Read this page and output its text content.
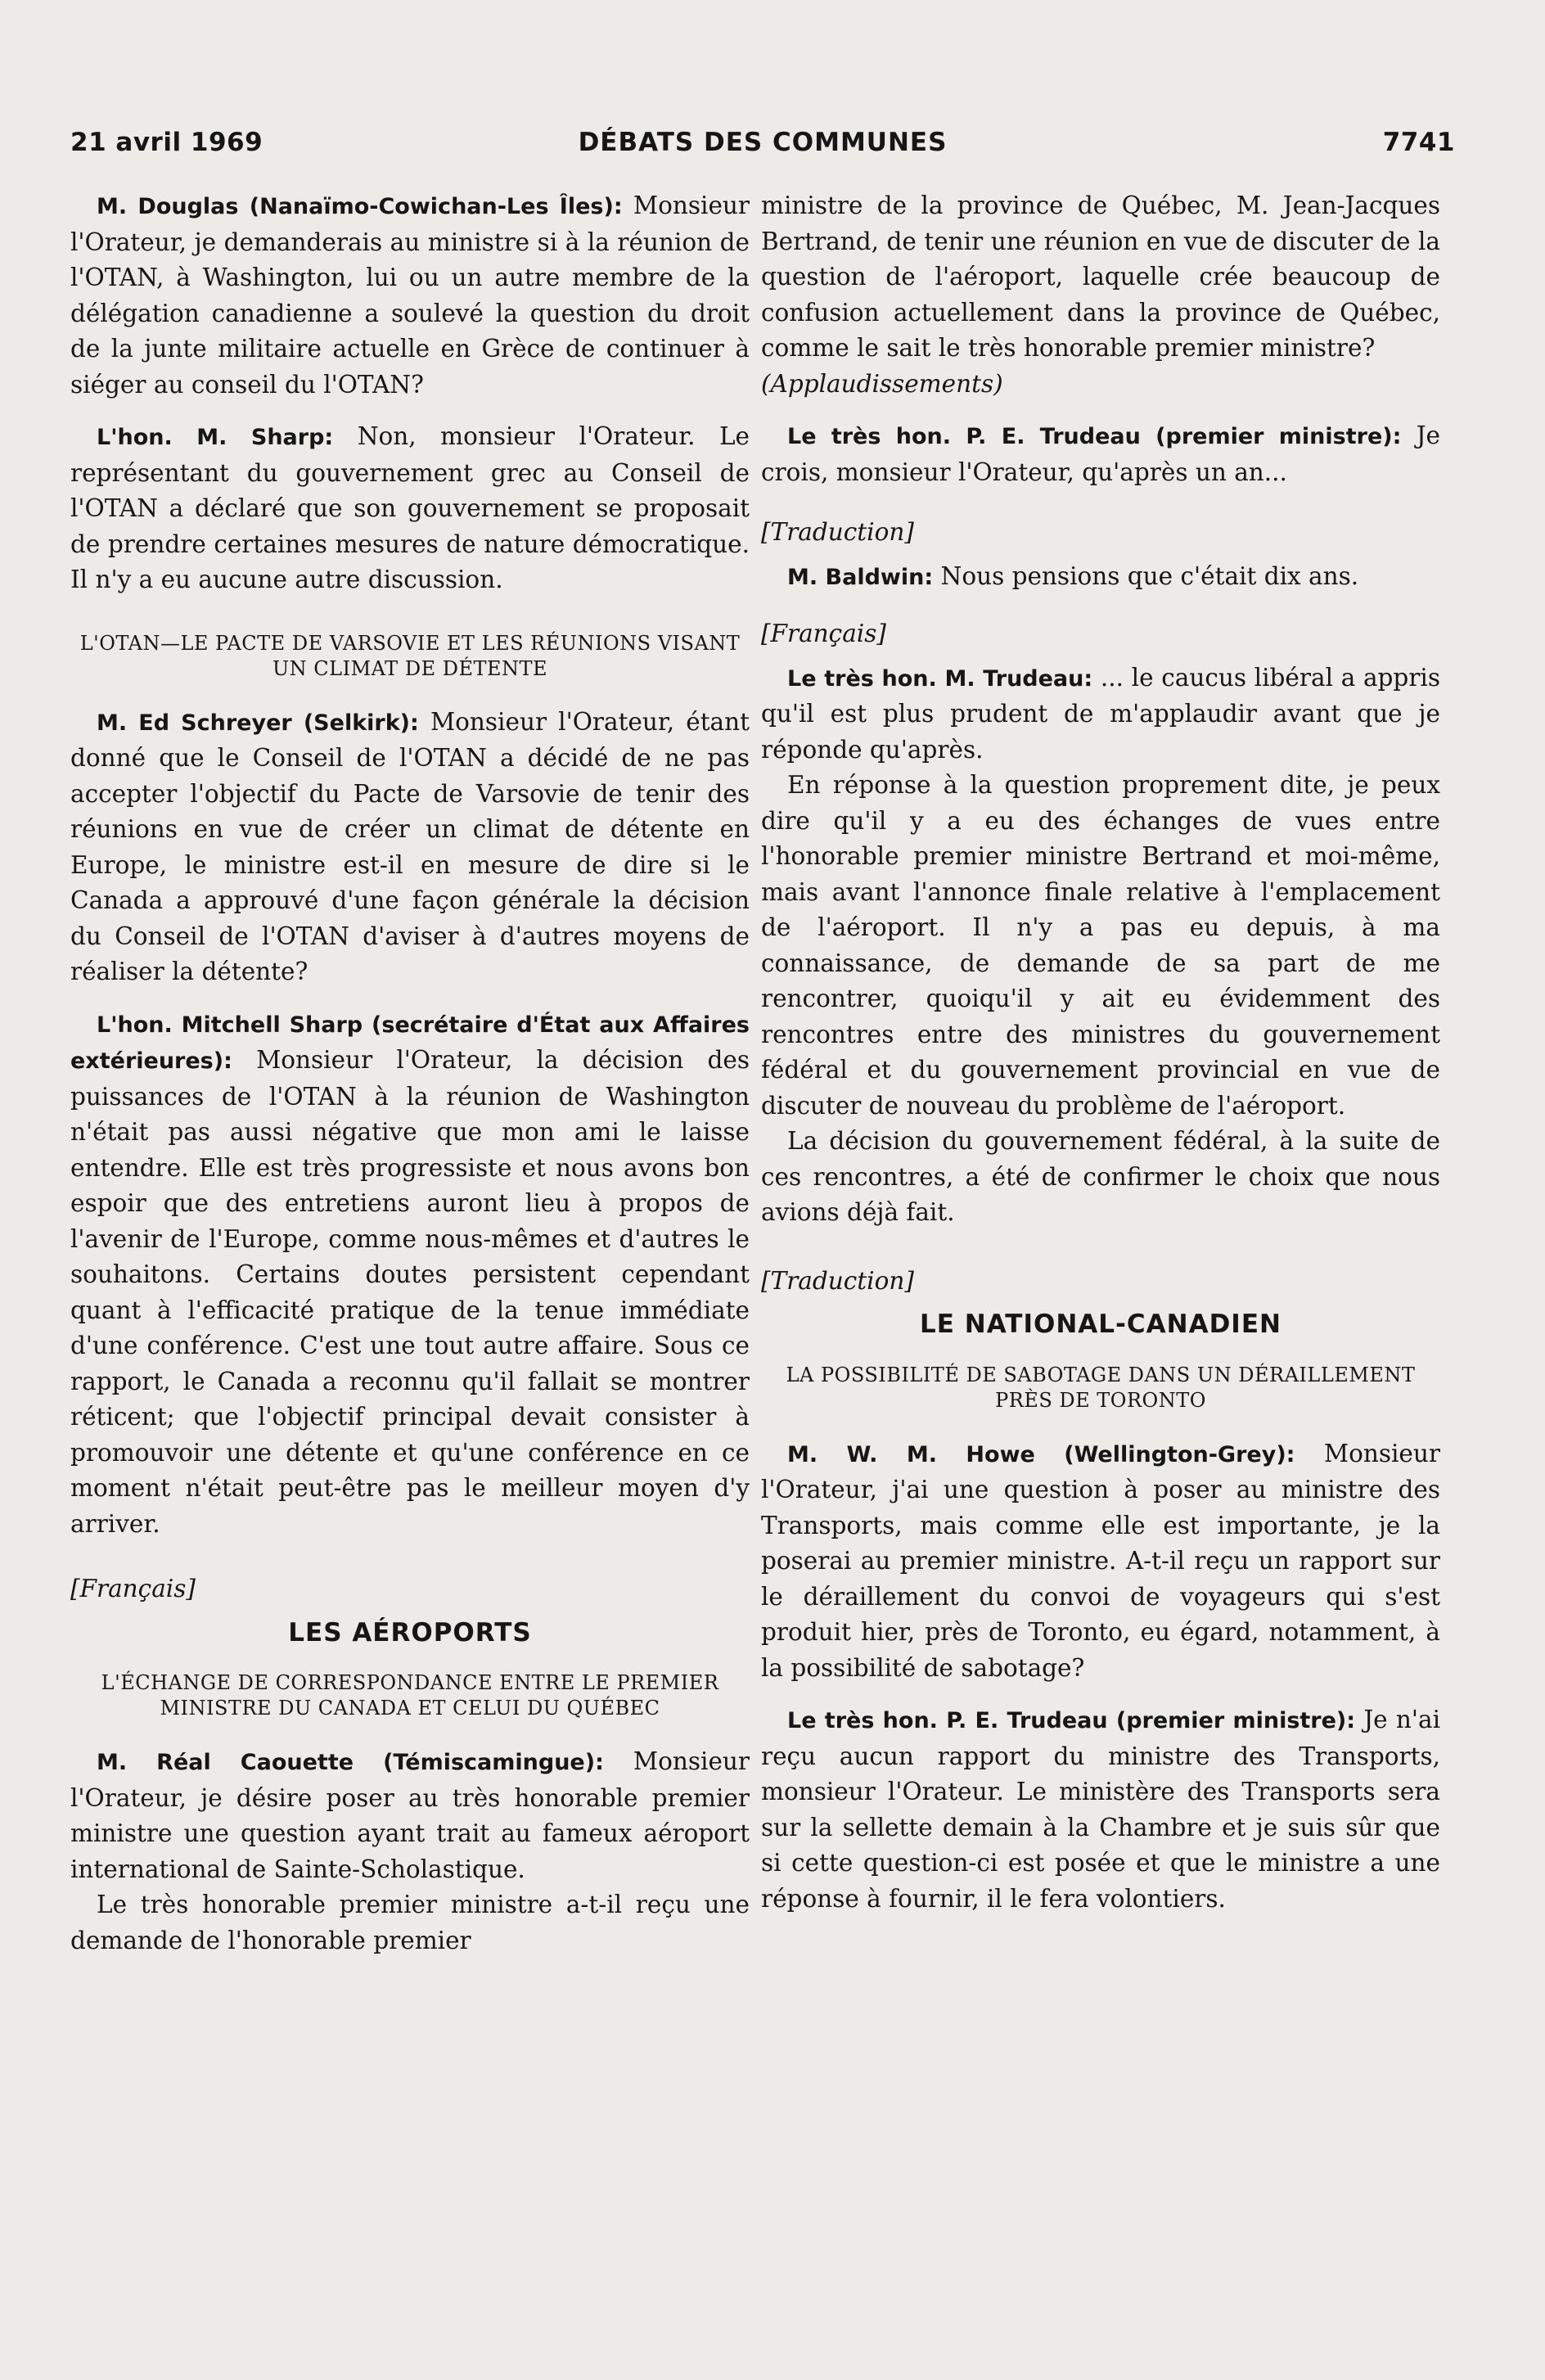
21 avril 1969	DÉBATS DES COMMUNES	7741

M. Douglas (Nanaïmo-Cowichan-Les Îles): Monsieur l'Orateur, je demanderais au ministre si à la réunion de l'OTAN, à Washington, lui ou un autre membre de la délégation canadienne a soulevé la question du droit de la junte militaire actuelle en Grèce de continuer à siéger au conseil du l'OTAN?

L'hon. M. Sharp: Non, monsieur l'Orateur. Le représentant du gouvernement grec au Conseil de l'OTAN a déclaré que son gouvernement se proposait de prendre certaines mesures de nature démocratique. Il n'y a eu aucune autre discussion.

L'OTAN—LE PACTE DE VARSOVIE ET LES RÉUNIONS VISANT UN CLIMAT DE DÉTENTE

M. Ed Schreyer (Selkirk): Monsieur l'Orateur, étant donné que le Conseil de l'OTAN a décidé de ne pas accepter l'objectif du Pacte de Varsovie de tenir des réunions en vue de créer un climat de détente en Europe, le ministre est-il en mesure de dire si le Canada a approuvé d'une façon générale la décision du Conseil de l'OTAN d'aviser à d'autres moyens de réaliser la détente?

L'hon. Mitchell Sharp (secrétaire d'État aux Affaires extérieures): Monsieur l'Orateur, la décision des puissances de l'OTAN à la réunion de Washington n'était pas aussi négative que mon ami le laisse entendre. Elle est très progressiste et nous avons bon espoir que des entretiens auront lieu à propos de l'avenir de l'Europe, comme nous-mêmes et d'autres le souhaitons. Certains doutes persistent cependant quant à l'efficacité pratique de la tenue immédiate d'une conférence. C'est une tout autre affaire. Sous ce rapport, le Canada a reconnu qu'il fallait se montrer réticent; que l'objectif principal devait consister à promouvoir une détente et qu'une conférence en ce moment n'était peut-être pas le meilleur moyen d'y arriver.

[Français]
LES AÉROPORTS
L'ÉCHANGE DE CORRESPONDANCE ENTRE LE PREMIER MINISTRE DU CANADA ET CELUI DU QUÉBEC

M. Réal Caouette (Témiscamingue): Monsieur l'Orateur, je désire poser au très honorable premier ministre une question ayant trait au fameux aéroport international de Sainte-Scholastique.

Le très honorable premier ministre a-t-il reçu une demande de l'honorable premier

ministre de la province de Québec, M. Jean-Jacques Bertrand, de tenir une réunion en vue de discuter de la question de l'aéroport, laquelle crée beaucoup de confusion actuellement dans la province de Québec, comme le sait le très honorable premier ministre?
(Applaudissements)

Le très hon. P. E. Trudeau (premier ministre): Je crois, monsieur l'Orateur, qu'après un an...

[Traduction]

M. Baldwin: Nous pensions que c'était dix ans.

[Français]

Le très hon. M. Trudeau: ... le caucus libéral a appris qu'il est plus prudent de m'applaudir avant que je réponde qu'après.

En réponse à la question proprement dite, je peux dire qu'il y a eu des échanges de vues entre l'honorable premier ministre Bertrand et moi-même, mais avant l'annonce finale relative à l'emplacement de l'aéroport. Il n'y a pas eu depuis, à ma connaissance, de demande de sa part de me rencontrer, quoiqu'il y ait eu évidemment des rencontres entre des ministres du gouvernement fédéral et du gouvernement provincial en vue de discuter de nouveau du problème de l'aéroport.

La décision du gouvernement fédéral, à la suite de ces rencontres, a été de confirmer le choix que nous avions déjà fait.

[Traduction]
LE NATIONAL-CANADIEN
LA POSSIBILITÉ DE SABOTAGE DANS UN DÉRAILLEMENT PRÈS DE TORONTO

M. W. M. Howe (Wellington-Grey): Monsieur l'Orateur, j'ai une question à poser au ministre des Transports, mais comme elle est importante, je la poserai au premier ministre. A-t-il reçu un rapport sur le déraillement du convoi de voyageurs qui s'est produit hier, près de Toronto, eu égard, notamment, à la possibilité de sabotage?

Le très hon. P. E. Trudeau (premier ministre): Je n'ai reçu aucun rapport du ministre des Transports, monsieur l'Orateur. Le ministère des Transports sera sur la sellette demain à la Chambre et je suis sûr que si cette question-ci est posée et que le ministre a une réponse à fournir, il le fera volontiers.
